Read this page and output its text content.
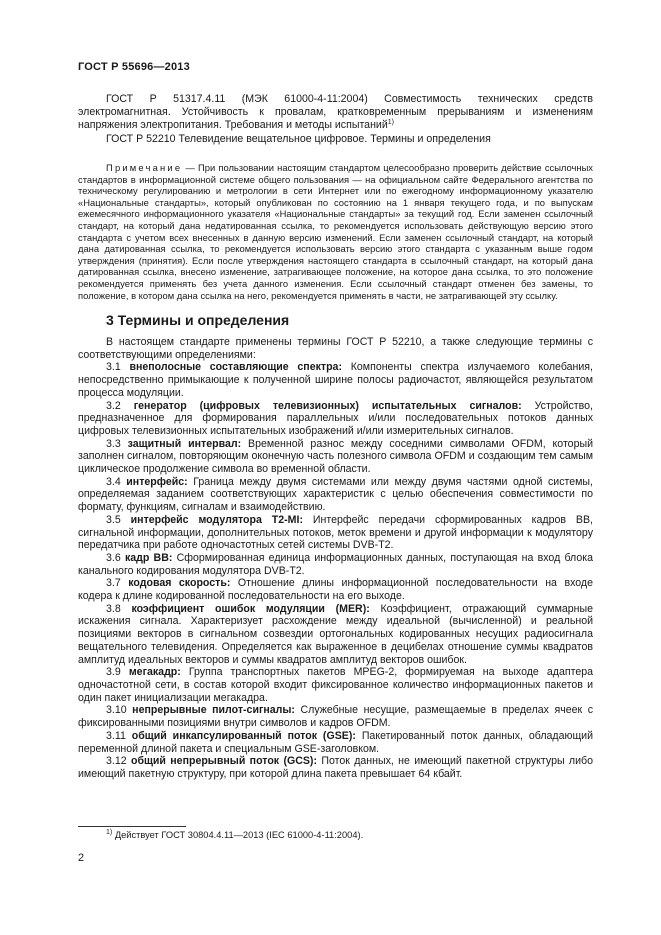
ГОСТ Р 55696—2013

ГОСТ Р 51317.4.11 (МЭК 61000-4-11:2004) Совместимость технических средств электромагнитная. Устойчивость к провалам, кратковременным прерываниям и изменениям напряжения электропитания. Требования и методы испытаний$^{1)}$

ГОСТ Р 52210 Телевидение вещательное цифровое. Термины и определения

Примечание — При пользовании настоящим стандартом целесообразно проверить действие ссылочных стандартов в информационной системе общего пользования — на официальном сайте Федерального агентства по техническому регулированию и метрологии в сети Интернет или по ежегодному информационному указателю «Национальные стандарты», который опубликован по состоянию на 1 января текущего года, и по выпускам ежемесячного информационного указателя «Национальные стандарты» за текущий год. Если заменен ссылочный стандарт, на который дана недатированная ссылка, то рекомендуется использовать действующую версию этого стандарта с учетом всех внесенных в данную версию изменений. Если заменен ссылочный стандарт, на который дана датированная ссылка, то рекомендуется использовать версию этого стандарта с указанным выше годом утверждения (принятия). Если после утверждения настоящего стандарта в ссылочный стандарт, на который дана датированная ссылка, внесено изменение, затрагивающее положение, на которое дана ссылка, то это положение рекомендуется применять без учета данного изменения. Если ссылочный стандарт отменен без замены, то положение, в котором дана ссылка на него, рекомендуется применять в части, не затрагивающей эту ссылку.

3 Термины и определения

В настоящем стандарте применены термины ГОСТ Р 52210, а также следующие термины с соответствующими определениями:

3.1 внеполосные составляющие спектра: Компоненты спектра излучаемого колебания, непосредственно примыкающие к полученной ширине полосы радиочастот, являющейся результатом процесса модуляции.

3.2 генератор (цифровых телевизионных) испытательных сигналов: Устройство, предназначенное для формирования параллельных и/или последовательных потоков данных цифровых телевизионных испытательных изображений и/или измерительных сигналов.

3.3 защитный интервал: Временной разнос между соседними символами OFDM, который заполнен сигналом, повторяющим оконечную часть полезного символа OFDM и создающим тем самым циклическое продолжение символа во временной области.

3.4 интерфейс: Граница между двумя системами или между двумя частями одной системы, определяемая заданием соответствующих характеристик с целью обеспечения совместимости по формату, функциям, сигналам и взаимодействию.

3.5 интерфейс модулятора T2-MI: Интерфейс передачи сформированных кадров BB, сигнальной информации, дополнительных потоков, меток времени и другой информации к модулятору передатчика при работе одночастотных сетей системы DVB-T2.

3.6 кадр BB: Сформированная единица информационных данных, поступающая на вход блока канального кодирования модулятора DVB-T2.

3.7 кодовая скорость: Отношение длины информационной последовательности на входе кодера к длине кодированной последовательности на его выходе.

3.8 коэффициент ошибок модуляции (MER): Коэффициент, отражающий суммарные искажения сигнала. Характеризует расхождение между идеальной (вычисленной) и реальной позициями векторов в сигнальном созвездии ортогональных кодированных несущих радиосигнала вещательного телевидения. Определяется как выраженное в децибелах отношение суммы квадратов амплитуд идеальных векторов и суммы квадратов амплитуд векторов ошибок.

3.9 мегакадр: Группа транспортных пакетов MPEG-2, формируемая на выходе адаптера одночастотной сети, в состав которой входит фиксированное количество информационных пакетов и один пакет инициализации мегакадра.

3.10 непрерывные пилот-сигналы: Служебные несущие, размещаемые в пределах ячеек с фиксированными позициями внутри символов и кадров OFDM.

3.11 общий инкапсулированный поток (GSE): Пакетированный поток данных, обладающий переменной длиной пакета и специальным GSE-заголовком.

3.12 общий непрерывный поток (GCS): Поток данных, не имеющий пакетной структуры либо имеющий пакетную структуру, при которой длина пакета превышает 64 кбайт.

$^{1)}$ Действует ГОСТ 30804.4.11—2013 (IEC 61000-4-11:2004).
2
